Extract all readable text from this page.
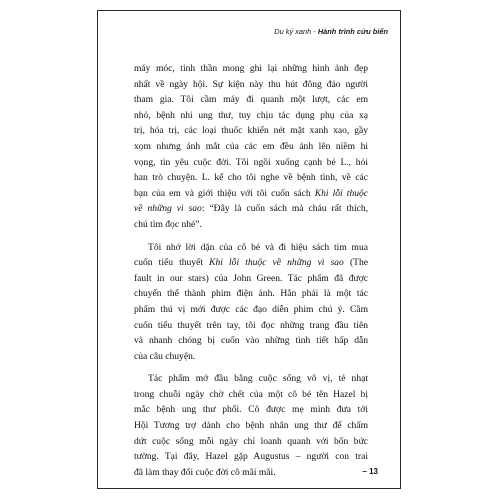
Du ký xanh - Hành trình cứu biển
máy móc, tinh thần mong ghi lại những hình ảnh đẹp
nhất về ngày hội. Sự kiện này thu hút đông đảo người
tham gia. Tôi cầm máy đi quanh một lượt, các em
nhỏ, bệnh nhi ung thư, tuy chịu tác dụng phụ của xạ
trị, hóa trị, các loại thuốc khiến nét mặt xanh xao, gầy
xọm nhưng ánh mắt của các em đều ánh lên niềm hi
vọng, tin yêu cuộc đời. Tôi ngồi xuống cạnh bé L., hỏi
han trò chuyện. L. kể cho tôi nghe về bệnh tình, về các
bạn của em và giới thiệu với tôi cuốn sách Khi lỗi thuộc
về những vì sao: “Đây là cuốn sách mà cháu rất thích,
chú tìm đọc nhé”.
Tôi nhớ lời dặn của cô bé và đi hiệu sách tìm mua
cuốn tiểu thuyết Khi lỗi thuộc về những vì sao (The
fault in our stars) của John Green. Tác phẩm đã được
chuyển thể thành phim điện ảnh. Hẳn phải là một tác
phẩm thú vị mới được các đạo diễn phim chú ý. Cầm
cuốn tiểu thuyết trên tay, tôi đọc những trang đầu tiên
và nhanh chóng bị cuốn vào những tình tiết hấp dẫn
của câu chuyện.
Tác phẩm mở đầu bằng cuộc sống vô vị, tẻ nhạt
trong chuỗi ngày chờ chết của một cô bé tên Hazel bị
mắc bệnh ung thư phổi. Cô được mẹ mình đưa tới
Hội Tương trợ dành cho bệnh nhân ung thư để chấm
dứt cuộc sống mỗi ngày chỉ loanh quanh với bốn bức
tường. Tại đây, Hazel gặp Augustus – người con trai
đã làm thay đổi cuộc đời cô mãi mãi.	– 13
